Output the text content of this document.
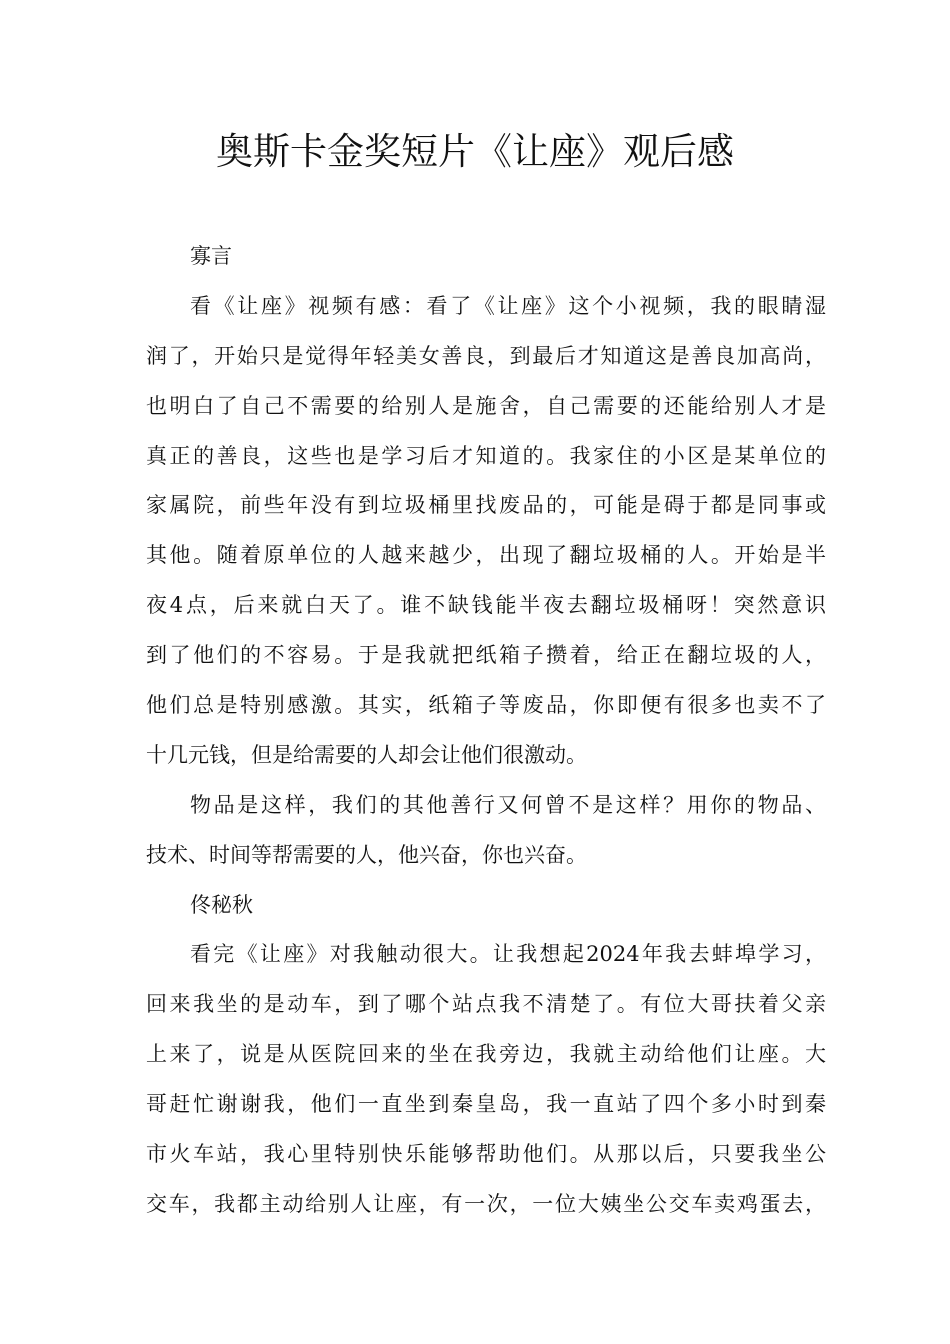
奥斯卡金奖短片《让座》观后感
寡言
看《让座》视频有感：看了《让座》这个小视频，我的眼睛湿
润了，开始只是觉得年轻美女善良，到最后才知道这是善良加高尚，
也明白了自己不需要的给别人是施舍，自己需要的还能给别人才是
真正的善良，这些也是学习后才知道的。我家住的小区是某单位的
家属院，前些年没有到垃圾桶里找废品的，可能是碍于都是同事或
其他。随着原单位的人越来越少，出现了翻垃圾桶的人。开始是半
夜4点，后来就白天了。谁不缺钱能半夜去翻垃圾桶呀！突然意识
到了他们的不容易。于是我就把纸箱子攒着，给正在翻垃圾的人，
他们总是特别感激。其实，纸箱子等废品，你即便有很多也卖不了
十几元钱，但是给需要的人却会让他们很激动。
物品是这样，我们的其他善行又何曾不是这样？用你的物品、
技术、时间等帮需要的人，他兴奋，你也兴奋。
佟秘秋
看完《让座》对我触动很大。让我想起2024年我去蚌埠学习，
回来我坐的是动车，到了哪个站点我不清楚了。有位大哥扶着父亲
上来了，说是从医院回来的坐在我旁边，我就主动给他们让座。大
哥赶忙谢谢我，他们一直坐到秦皇岛，我一直站了四个多小时到秦
市火车站，我心里特别快乐能够帮助他们。从那以后，只要我坐公
交车，我都主动给别人让座，有一次，一位大姨坐公交车卖鸡蛋去，
